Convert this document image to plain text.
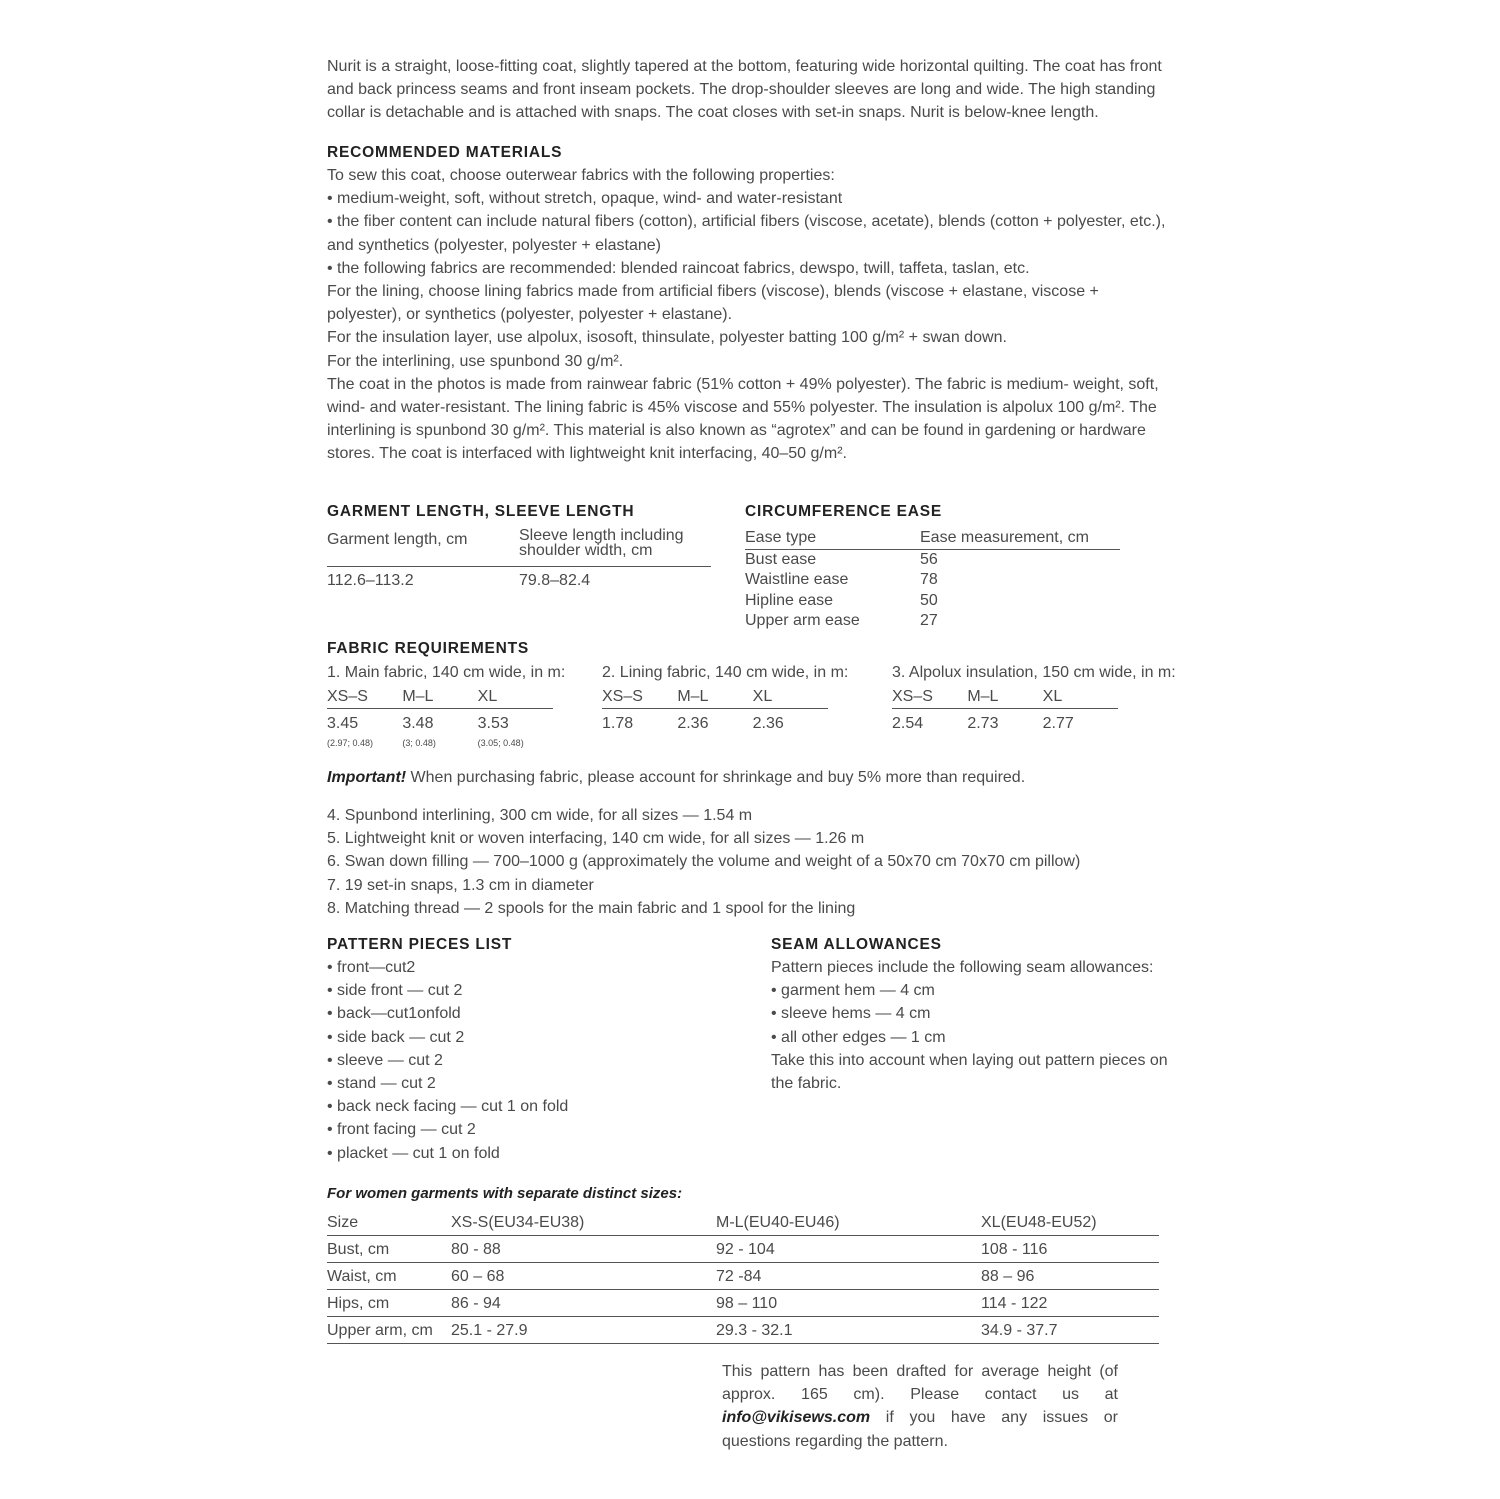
Nurit is a straight, loose-fitting coat, slightly tapered at the bottom, featuring wide horizontal quilting. The coat has front and back princess seams and front inseam pockets. The drop-shoulder sleeves are long and wide. The high standing collar is detachable and is attached with snaps. The coat closes with set-in snaps. Nurit is below-knee length.

RECOMMENDED MATERIALS

To sew this coat, choose outerwear fabrics with the following properties:

• medium-weight, soft, without stretch, opaque, wind- and water-resistant

• the fiber content can include natural fibers (cotton), artificial fibers (viscose, acetate), blends (cotton + polyester, etc.), and synthetics (polyester, polyester + elastane)

• the following fabrics are recommended: blended raincoat fabrics, dewspo, twill, taffeta, taslan, etc.

For the lining, choose lining fabrics made from artificial fibers (viscose), blends (viscose + elastane, viscose + polyester), or synthetics (polyester, polyester + elastane).

For the insulation layer, use alpolux, isosoft, thinsulate, polyester batting 100 g/m² + swan down.

For the interlining, use spunbond 30 g/m².

The coat in the photos is made from rainwear fabric (51% cotton + 49% polyester). The fabric is medium- weight, soft, wind- and water-resistant. The lining fabric is 45% viscose and 55% polyester. The insulation is alpolux 100 g/m². The interlining is spunbond 30 g/m². This material is also known as “agrotex” and can be found in gardening or hardware stores. The coat is interfaced with lightweight knit interfacing, 40–50 g/m².

GARMENT LENGTH, SLEEVE LENGTH
Garment length, cm	Sleeve length including shoulder width, cm
112.6–113.2	79.8–82.4
CIRCUMFERENCE EASE
Ease type	Ease measurement, cm
Bust ease	56
Waistline ease	78
Hipline ease	50
Upper arm ease	27
FABRIC REQUIREMENTS

1. Main fabric, 140 cm wide, in m:

XS–S	M–L	XL
3.45	3.48	3.53
(2.97; 0.48)	(3; 0.48)	(3.05; 0.48)

2. Lining fabric, 140 cm wide, in m:

XS–S	M–L	XL
1.78	2.36	2.36

3. Alpolux insulation, 150 cm wide, in m:

XS–S	M–L	XL
2.54	2.73	2.77

Important! When purchasing fabric, please account for shrinkage and buy 5% more than required.

4. Spunbond interlining, 300 cm wide, for all sizes — 1.54 m

5. Lightweight knit or woven interfacing, 140 cm wide, for all sizes — 1.26 m

6. Swan down filling — 700–1000 g (approximately the volume and weight of a 50x70 cm 70x70 cm pillow)

7. 19 set-in snaps, 1.3 cm in diameter

8. Matching thread — 2 spools for the main fabric and 1 spool for the lining

PATTERN PIECES LIST

• front—cut2

• side front — cut 2

• back—cut1onfold

• side back — cut 2

• sleeve — cut 2

• stand — cut 2

• back neck facing — cut 1 on fold

• front facing — cut 2

• placket — cut 1 on fold

SEAM ALLOWANCES

Pattern pieces include the following seam allowances:

• garment hem — 4 cm

• sleeve hems — 4 cm

• all other edges — 1 cm

Take this into account when laying out pattern pieces on the fabric.

For women garments with separate distinct sizes:
Size	XS-S(EU34-EU38)	M-L(EU40-EU46)	XL(EU48-EU52)
Bust, cm	80 - 88	92 - 104	108 - 116
Waist, cm	60 – 68	72 -84	88 – 96
Hips, cm	86 - 94	98 – 110	114 - 122
Upper arm, cm	25.1 - 27.9	29.3 - 32.1	34.9 - 37.7

This pattern has been drafted for average height (of approx. 165 cm). Please contact us at info@vikisews.com if you have any issues or questions regarding the pattern.
